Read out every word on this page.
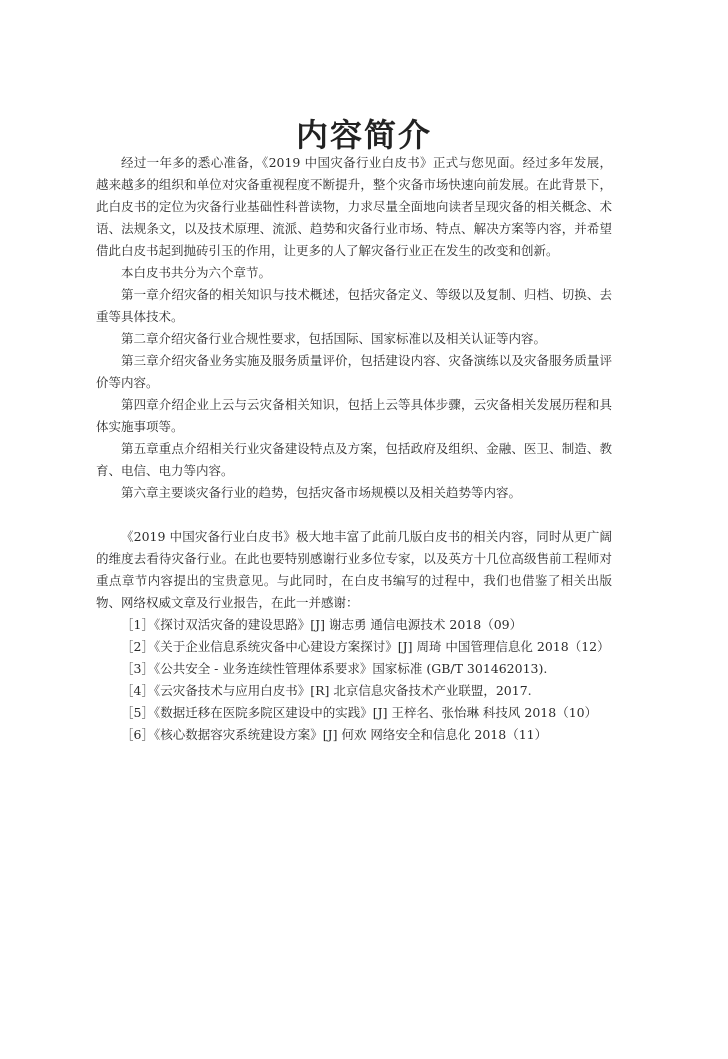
内容简介

经过一年多的悉心准备，《2019 中国灾备行业白皮书》正式与您见面。经过多年发展，越来越多的组织和单位对灾备重视程度不断提升，整个灾备市场快速向前发展。在此背景下，此白皮书的定位为灾备行业基础性科普读物，力求尽量全面地向读者呈现灾备的相关概念、术语、法规条文，以及技术原理、流派、趋势和灾备行业市场、特点、解决方案等内容，并希望借此白皮书起到抛砖引玉的作用，让更多的人了解灾备行业正在发生的改变和创新。

本白皮书共分为六个章节。

第一章介绍灾备的相关知识与技术概述，包括灾备定义、等级以及复制、归档、切换、去重等具体技术。

第二章介绍灾备行业合规性要求，包括国际、国家标准以及相关认证等内容。

第三章介绍灾备业务实施及服务质量评价，包括建设内容、灾备演练以及灾备服务质量评价等内容。

第四章介绍企业上云与云灾备相关知识，包括上云等具体步骤，云灾备相关发展历程和具体实施事项等。

第五章重点介绍相关行业灾备建设特点及方案，包括政府及组织、金融、医卫、制造、教育、电信、电力等内容。

第六章主要谈灾备行业的趋势，包括灾备市场规模以及相关趋势等内容。

《2019 中国灾备行业白皮书》极大地丰富了此前几版白皮书的相关内容，同时从更广阔的维度去看待灾备行业。在此也要特别感谢行业多位专家，以及英方十几位高级售前工程师对重点章节内容提出的宝贵意见。与此同时，在白皮书编写的过程中，我们也借鉴了相关出版物、网络权威文章及行业报告，在此一并感谢：

［1］《探讨双活灾备的建设思路》[J] 谢志勇 通信电源技术 2018（09）
［2］《关于企业信息系统灾备中心建设方案探讨》[J] 周琦 中国管理信息化 2018（12）
［3］《公共安全 - 业务连续性管理体系要求》国家标准 (GB/T 301462013).
［4］《云灾备技术与应用白皮书》[R] 北京信息灾备技术产业联盟，2017.
［5］《数据迁移在医院多院区建设中的实践》[J] 王梓名、张怡琳 科技风 2018（10）
［6］《核心数据容灾系统建设方案》[J] 何欢 网络安全和信息化 2018（11）
